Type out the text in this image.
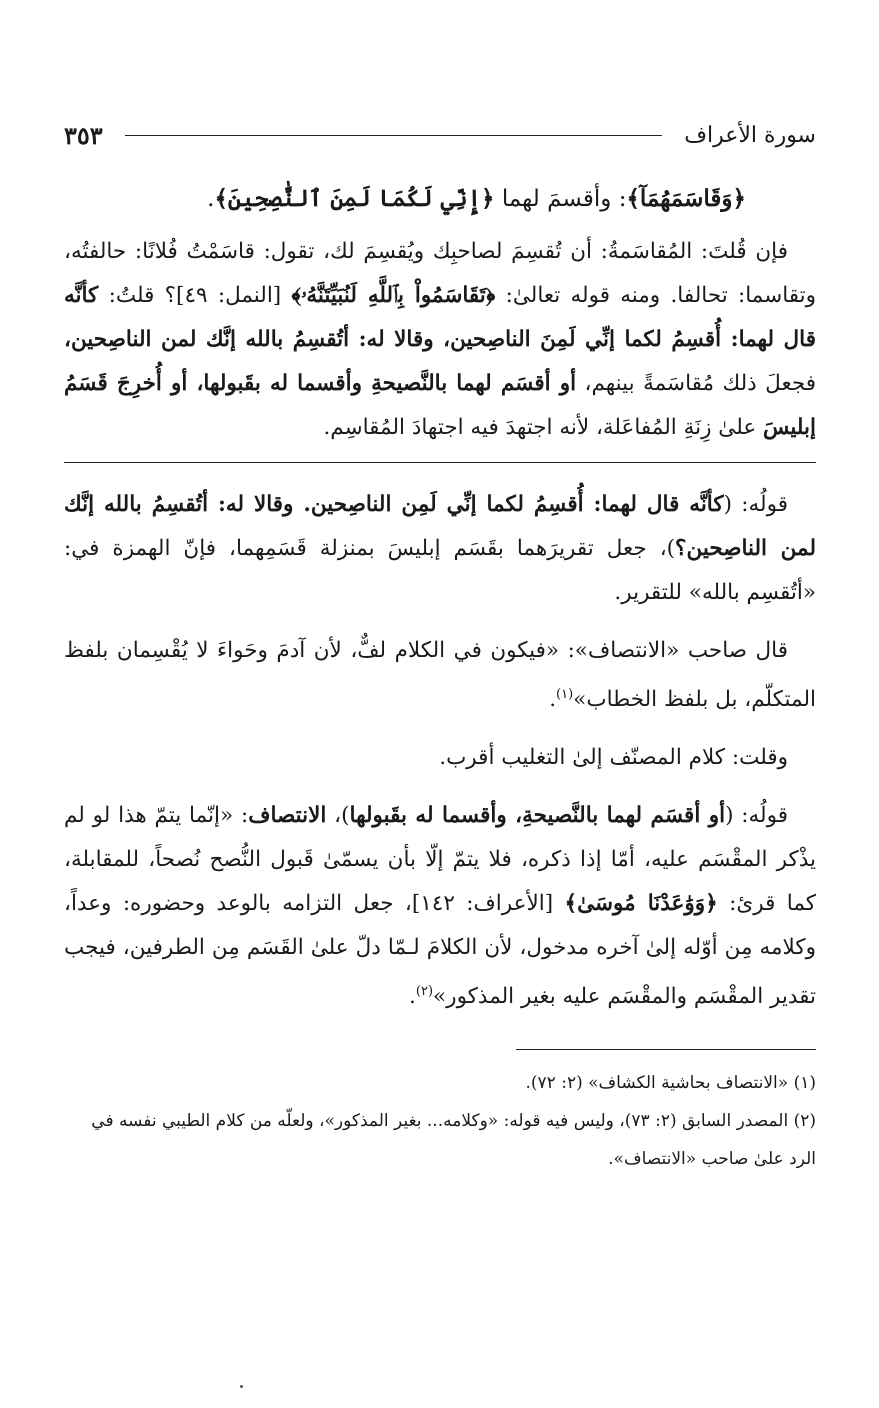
سورة الأعراف
٣٥٣
﴿وَقَاسَمَهُمَآ﴾: وأقسمَ لهما ﴿إِنِّي لَكُمَا لَمِنَ ٱلنَّٰصِحِينَ﴾.

فإن قُلتَ: المُقاسَمةُ: أن تُقسِمَ لصاحبِك ويُقسِمَ لك، تقول: قاسَمْتُ فُلانًا: حالفتُه، وتقاسما: تحالفا. ومنه قوله تعالىٰ: ﴿تَقَاسَمُواْ بِٱللَّهِ لَنُبَيِّتَنَّهُۥ﴾ [النمل: ٤٩]؟ قلتُ: كأنَّه قال لهما: أُقسِمُ لكما إنِّي لَمِنَ الناصِحين، وقالا له: أتُقسِمُ بالله إنَّك لمن الناصِحين، فجعلَ ذلك مُقاسَمةً بينهم، أو أقسَم لهما بالنَّصيحةِ وأقسما له بقَبولها، أو أُخرِجَ قَسَمُ إبليسَ علىٰ زِنَةِ المُفاعَلة، لأنه اجتهدَ فيه اجتهادَ المُقاسِم.

قولُه: (كأنَّه قال لهما: أُقسِمُ لكما إنِّي لَمِن الناصِحين. وقالا له: أتُقسِمُ بالله إنَّك لمن الناصِحين؟)، جعل تقريرَهما بقَسَم إبليسَ بمنزلة قَسَمِهما، فإنّ الهمزة في: «أتُقسِم بالله» للتقرير.

قال صاحب «الانتصاف»: «فيكون في الكلام لفٌّ، لأن آدمَ وحَواءَ لا يُقْسِمان بلفظ المتكلّم، بل بلفظ الخطاب»$^{(١)}$.

وقلت: كلام المصنّف إلىٰ التغليب أقرب.

قولُه: (أو أقسَم لهما بالنَّصيحةِ، وأقسما له بقَبولها)، الانتصاف: «إنّما يتمّ هذا لو لم يذْكر المقْسَم عليه، أمّا إذا ذكره، فلا يتمّ إلّا بأن يسمّىٰ قَبول النُّصح نُصحاً، للمقابلة، كما قرئ: ﴿وَوَٰعَدْنَا مُوسَىٰ﴾ [الأعراف: ١٤٢]، جعل التزامه بالوعد وحضوره: وعداً، وكلامه مِن أوّله إلىٰ آخره مدخول، لأن الكلامَ لـمّا دلّ علىٰ القَسَم مِن الطرفين، فيجب تقدير المقْسَم والمقْسَم عليه بغير المذكور»$^{(٢)}$.

(١) «الانتصاف بحاشية الكشاف» (٢: ٧٢).

(٢) المصدر السابق (٢: ٧٣)، وليس فيه قوله: «وكلامه... بغير المذكور»، ولعلّه من كلام الطيبي نفسه في الرد علىٰ صاحب «الانتصاف».
